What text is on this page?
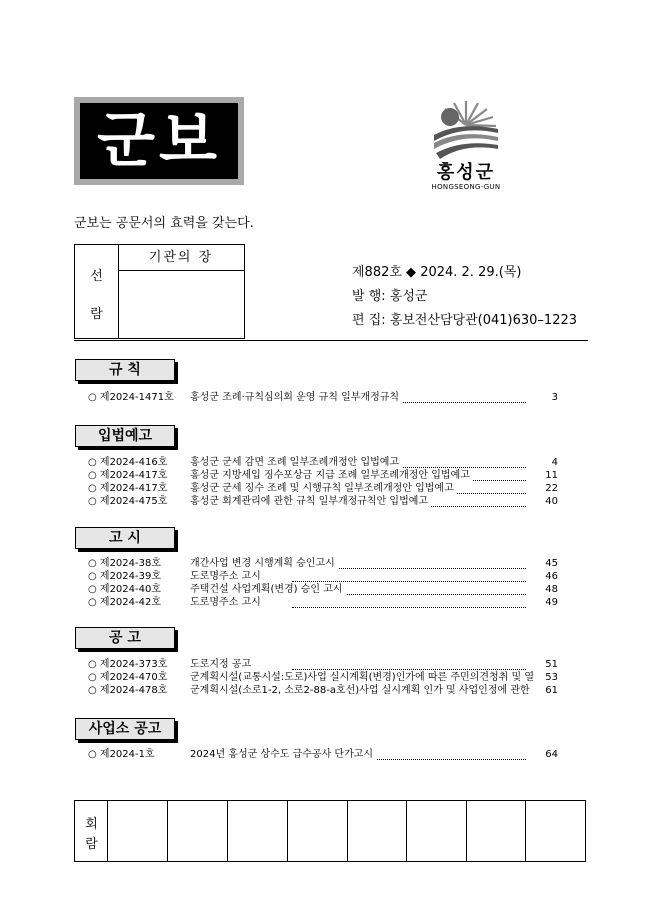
군보	홍성군
HONGSEONG-GUN
군보는 공문서의 효력을 갖는다.
선
람
기관의 장
제882호 ◆ 2024. 2. 29.(목)
발 행: 홍성군
편 집: 홍보전산담당관(041)630–1223
규 칙
○ 제2024-1471호	홍성군 조례·규칙심의회 운영 규칙 일부개정규칙	3
입법예고
○ 제2024-416호	홍성군 군세 감면 조례 일부조례개정안 입법예고	4
○ 제2024-417호	홍성군 지방세입 징수포상금 지급 조례 일부조례개정안 입법예고	11
○ 제2024-417호	홍성군 군세 징수 조례 및 시행규칙 일부조례개정안 입법예고	22
○ 제2024-475호	홍성군 회계관리에 관한 규칙 일부개정규칙안 입법예고	40
고 시
○ 제2024-38호	개간사업 변경 시행계획 승인고시	45
○ 제2024-39호	도로명주소 고시	46
○ 제2024-40호	주택건설 사업계획(변경) 승인 고시	48
○ 제2024-42호	도로명주소 고시	49
공 고
○ 제2024-373호	도로지정 공고	51
○ 제2024-470호	군계획시설(교통시설:도로)사업 실시계획(변경)인가에 따른 주민의견청취 및 열	53
○ 제2024-478호	군계획시설(소로1-2, 소로2-88-a호선)사업 실시계획 인가 및 사업인정에 관한	61
사업소 공고
○ 제2024-1호	2024년 홍성군 상수도 급수공사 단가고시	64
회
람
